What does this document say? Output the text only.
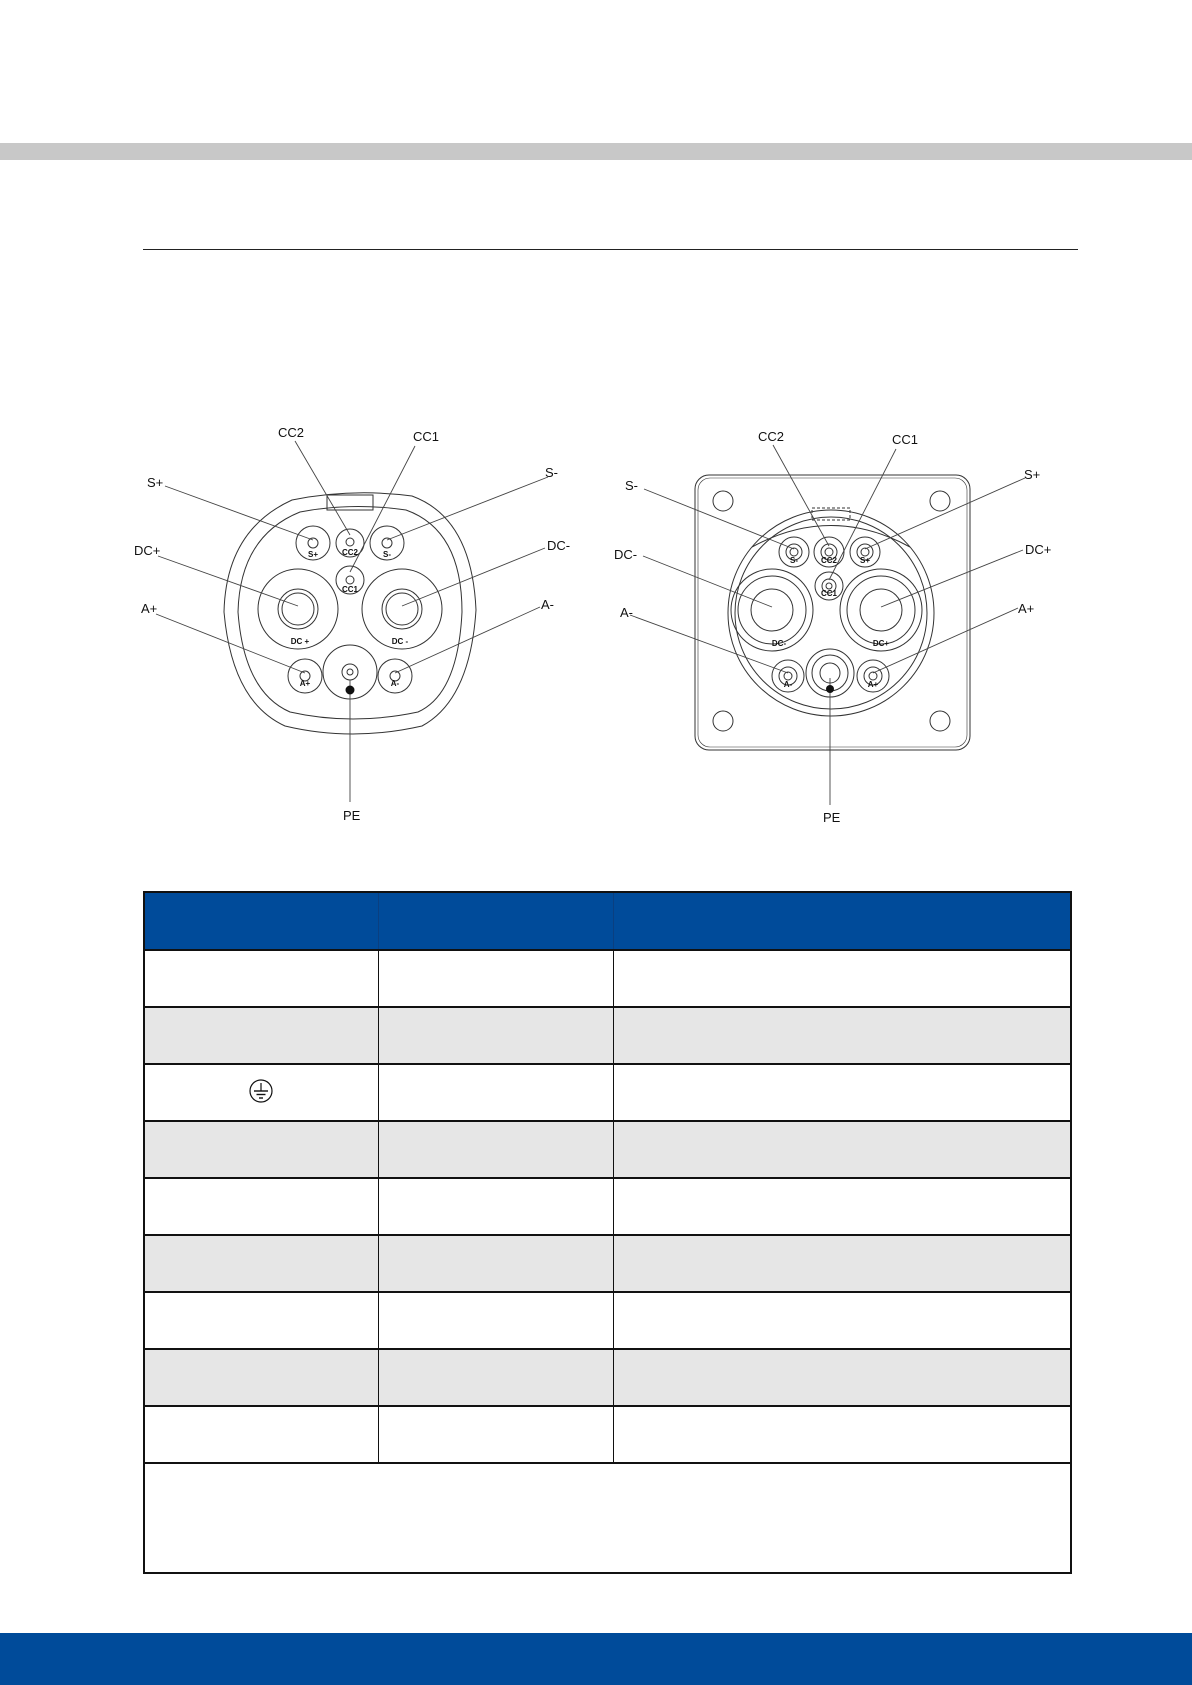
S+	CC2	S-
CC1
DC +	DC -
A+	A-
CC2	CC1
S+
S-
DC+	DC-
A+	A-
PE
S-	CC2	S+
CC1
DC-	DC+
A-	A+
CC2	CC1
S-
S+
DC-	DC+
A-	A+
PE
